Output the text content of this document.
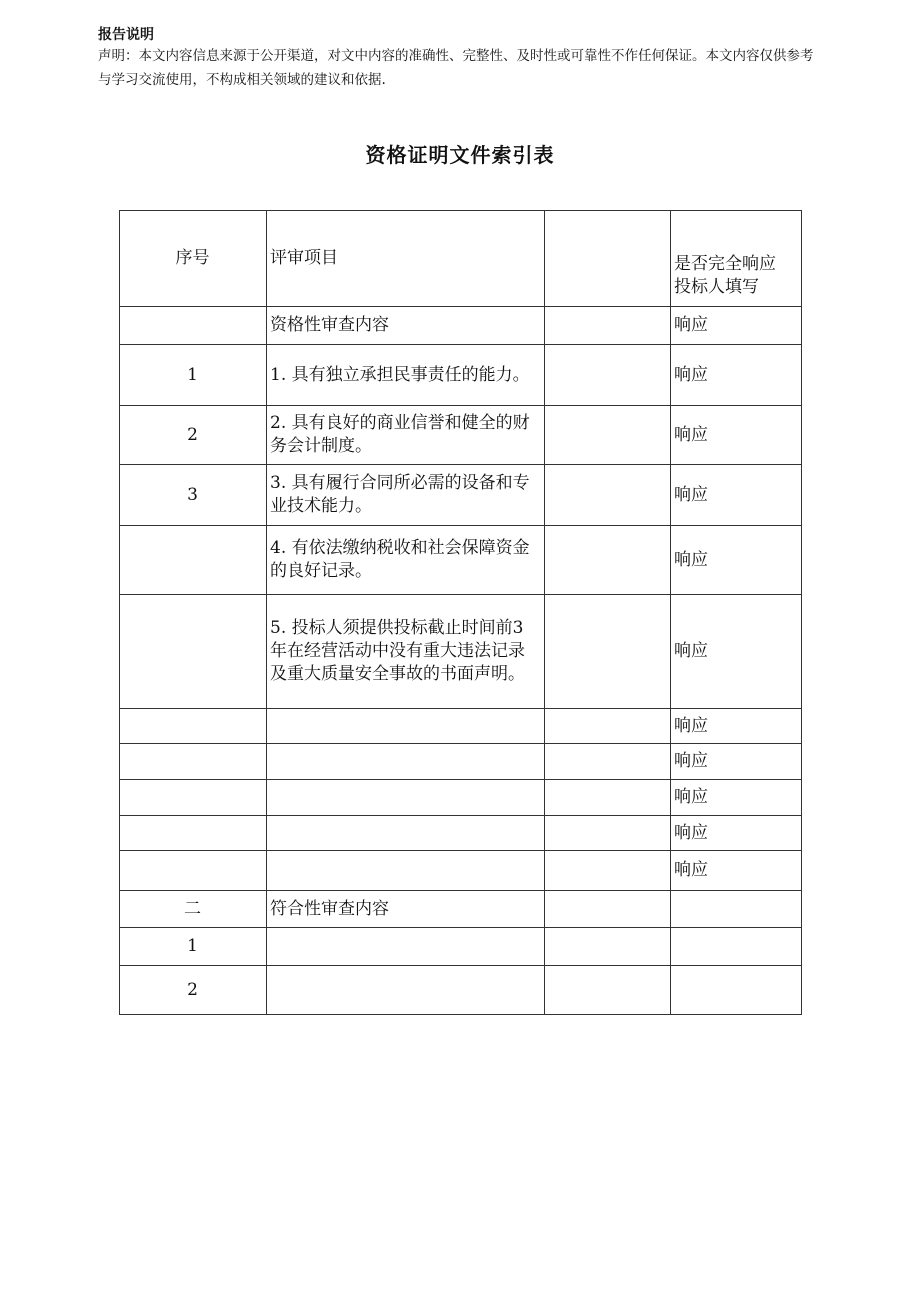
报告说明
声明：本文内容信息来源于公开渠道，对文中内容的准确性、完整性、及时性或可靠性不作任何保证。本文内容仅供参考与学习交流使用，不构成相关领域的建议和依据.
资格证明文件索引表
序号	评审项目		是否完全响应
投标人填写
	资格性审查内容		响应
1	1. 具有独立承担民事责任的能力。		响应
2	2. 具有良好的商业信誉和健全的财务会计制度。		响应
3	3. 具有履行合同所必需的设备和专业技术能力。		响应
	4. 有依法缴纳税收和社会保障资金的良好记录。		响应
	5. 投标人须提供投标截止时间前3年在经营活动中没有重大违法记录及重大质量安全事故的书面声明。		响应
			响应
			响应
			响应
			响应
			响应
二	符合性审查内容		
1			
2			
